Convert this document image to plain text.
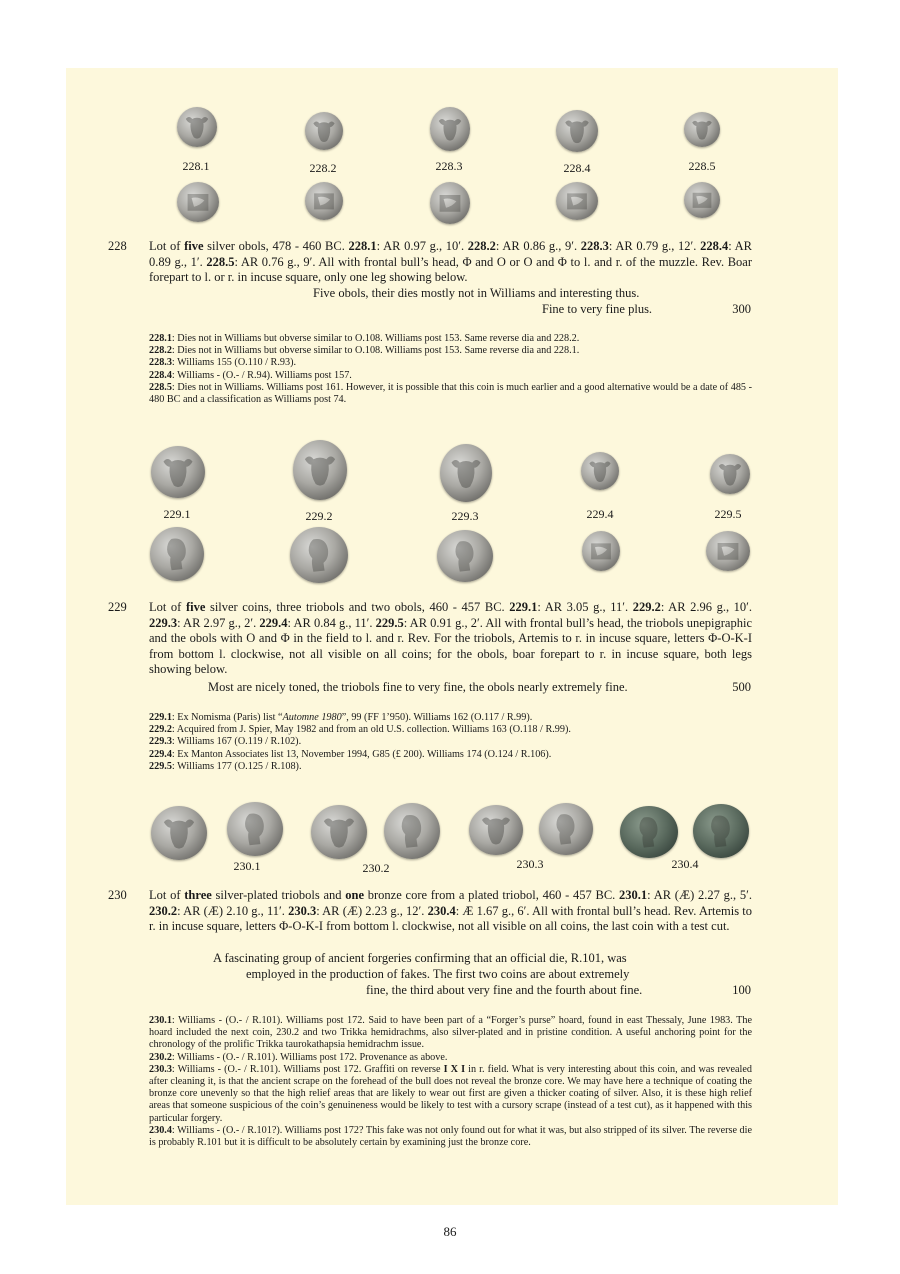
228.1	228.2	228.3	228.4	228.5
228 Lot of five silver obols, 478 - 460 BC. 228.1: AR 0.97 g., 10′. 228.2: AR 0.86 g., 9′. 228.3: AR 0.79 g., 12′. 228.4: AR 0.89 g., 1′. 228.5: AR 0.76 g., 9′. All with frontal bull’s head, Φ and O or O and Φ to l. and r. of the muzzle. Rev. Boar forepart to l. or r. in incuse square, only one leg showing below.

Five obols, their dies mostly not in Williams and interesting thus.
Fine to very fine plus.	300
228.1: Dies not in Williams but obverse similar to O.108. Williams post 153. Same reverse dia and 228.2.
228.2: Dies not in Williams but obverse similar to O.108. Williams post 153. Same reverse dia and 228.1.
228.3: Williams 155 (O.110 / R.93).
228.4: Williams - (O.- / R.94). Williams post 157.
228.5: Dies not in Williams. Williams post 161. However, it is possible that this coin is much earlier and a good alternative would be a date of 485 - 480 BC and a classification as Williams post 74.
229.1	229.2	229.3	229.4	229.5
229 Lot of five silver coins, three triobols and two obols, 460 - 457 BC. 229.1: AR 3.05 g., 11′. 229.2: AR 2.96 g., 10′. 229.3: AR 2.97 g., 2′. 229.4: AR 0.84 g., 11′. 229.5: AR 0.91 g., 2′. All with frontal bull’s head, the triobols unepigraphic and the obols with O and Φ in the field to l. and r. Rev. For the triobols, Artemis to r. in incuse square, letters Φ-O-K-I from bottom l. clockwise, not all visible on all coins; for the obols, boar forepart to r. in incuse square, both legs showing below.

Most are nicely toned, the triobols fine to very fine, the obols nearly extremely fine.	500
229.1: Ex Nomisma (Paris) list “Automne 1980”, 99 (FF 1’950). Williams 162 (O.117 / R.99).
229.2: Acquired from J. Spier, May 1982 and from an old U.S. collection. Williams 163 (O.118 / R.99).
229.3: Williams 167 (O.119 / R.102).
229.4: Ex Manton Associates list 13, November 1994, G85 (£ 200). Williams 174 (O.124 / R.106).
229.5: Williams 177 (O.125 / R.108).
230.1	230.2	230.3	230.4
230 Lot of three silver-plated triobols and one bronze core from a plated triobol, 460 - 457 BC. 230.1: AR (Æ) 2.27 g., 5′. 230.2: AR (Æ) 2.10 g., 11′. 230.3: AR (Æ) 2.23 g., 12′. 230.4: Æ 1.67 g., 6′. All with frontal bull’s head. Rev. Artemis to r. in incuse square, letters Φ-O-K-I from bottom l. clockwise, not all visible on all coins, the last coin with a test cut.

A fascinating group of ancient forgeries confirming that an official die, R.101, was
employed in the production of fakes. The first two coins are about extremely
fine, the third about very fine and the fourth about fine.	100
230.1: Williams - (O.- / R.101). Williams post 172. Said to have been part of a “Forger’s purse” hoard, found in east Thessaly, June 1983. The hoard included the next coin, 230.2 and two Trikka hemidrachms, also silver-plated and in pristine condition. A useful anchoring point for the chronology of the prolific Trikka taurokathapsia hemidrachm issue.
230.2: Williams - (O.- / R.101). Williams post 172. Provenance as above.
230.3: Williams - (O.- / R.101). Williams post 172. Graffiti on reverse I X I in r. field. What is very interesting about this coin, and was revealed after cleaning it, is that the ancient scrape on the forehead of the bull does not reveal the bronze core. We may have here a technique of coating the bronze core unevenly so that the high relief areas that are likely to wear out first are given a thicker coating of silver. Also, it is these high relief areas that someone suspicious of the coin’s genuineness would be likely to test with a cursory scrape (instead of a test cut), as it happened with this particular forgery.
230.4: Williams - (O.- / R.101?). Williams post 172? This fake was not only found out for what it was, but also stripped of its silver. The reverse die is probably R.101 but it is difficult to be absolutely certain by examining just the bronze core.
86
